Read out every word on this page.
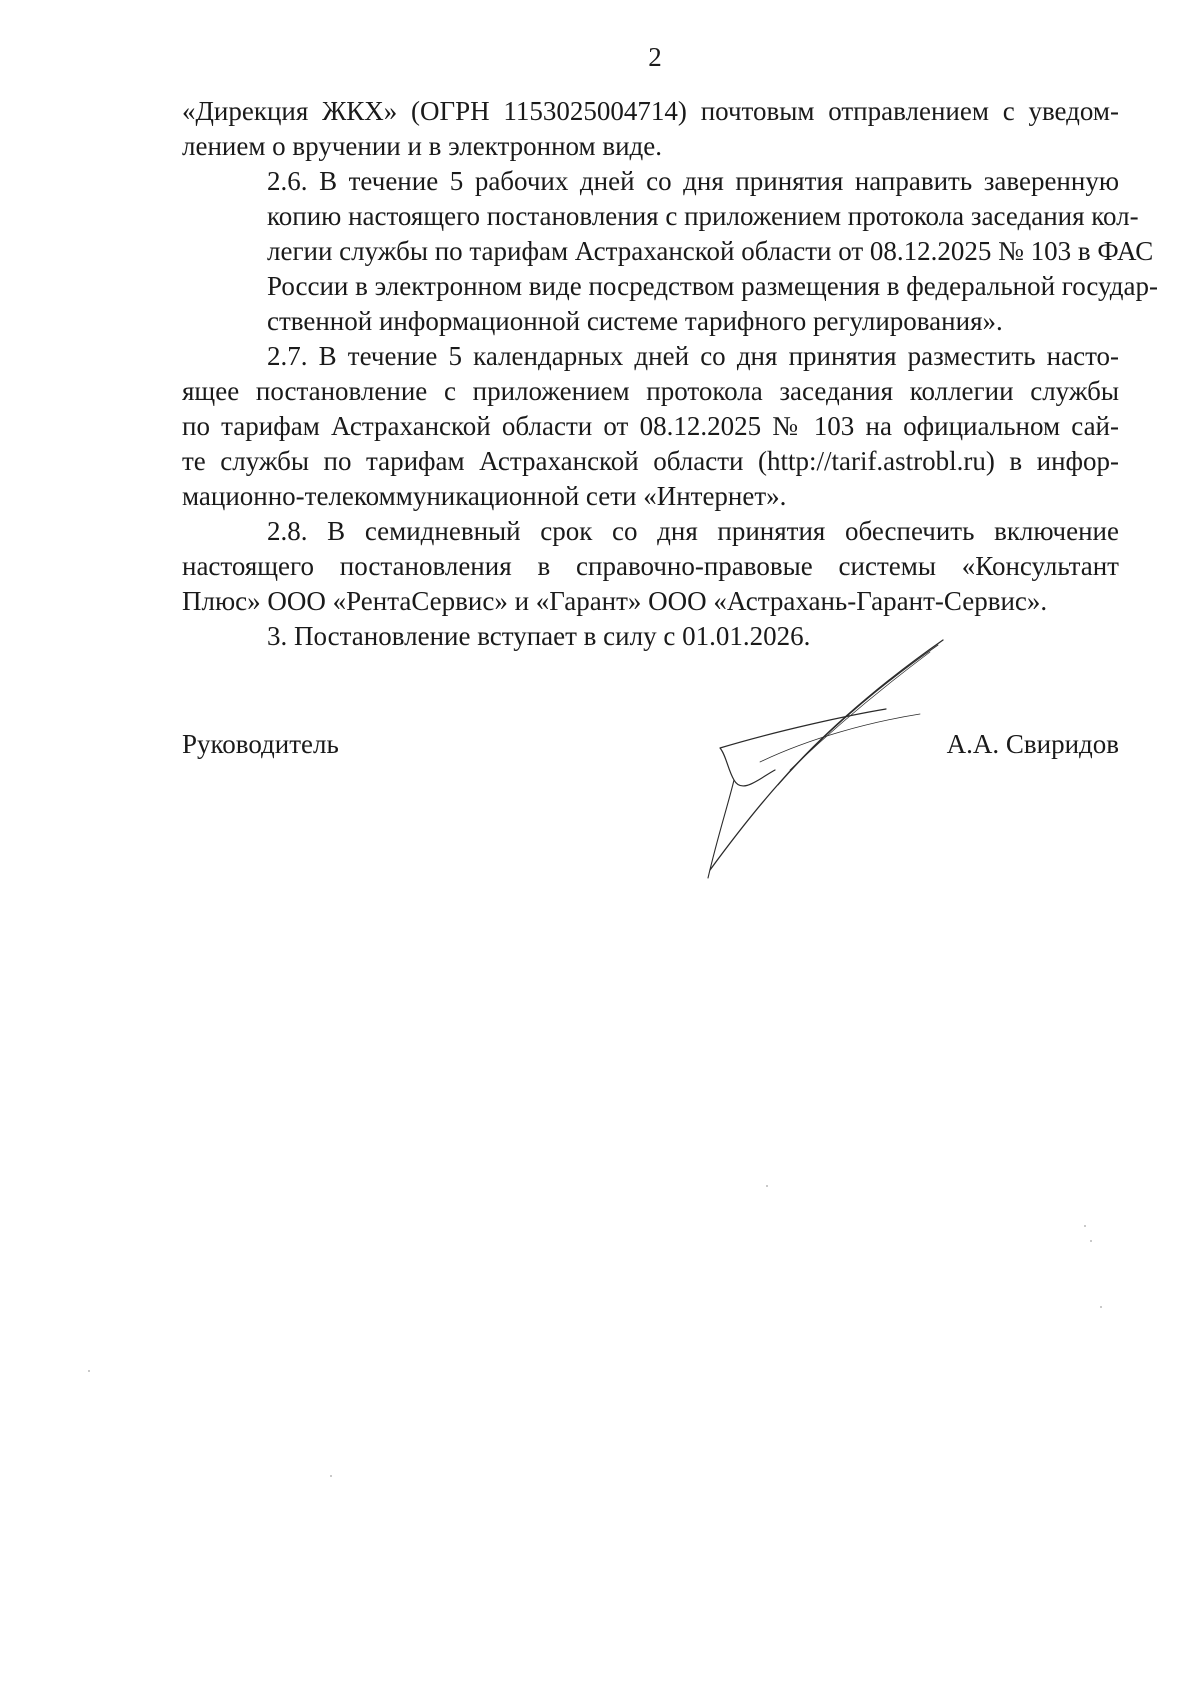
2

«Дирекция ЖКХ» (ОГРН 1153025004714) почтовым отправлением с уведом-
лением о вручении и в электронном виде.

2.6. В течение 5 рабочих дней со дня принятия направить заверенную
копию настоящего постановления с приложением протокола заседания кол-
легии службы по тарифам Астраханской области от 08.12.2025 № 103 в ФАС
России в электронном виде посредством размещения в федеральной государ-
ственной информационной системе тарифного регулирования».

2.7. В течение 5 календарных дней со дня принятия разместить насто-
ящее постановление с приложением протокола заседания коллегии службы
по тарифам Астраханской области от 08.12.2025 № 103 на официальном сай-
те службы по тарифам Астраханской области (http://tarif.astrobl.ru) в инфор-
мационно-телекоммуникационной сети «Интернет».

2.8. В семидневный срок со дня принятия обеспечить включение
настоящего постановления в справочно-правовые системы «Консультант
Плюс» ООО «РентаСервис» и «Гарант» ООО «Астрахань-Гарант-Сервис».

3. Постановление вступает в силу с 01.01.2026.

Руководитель	А.А. Свиридов
